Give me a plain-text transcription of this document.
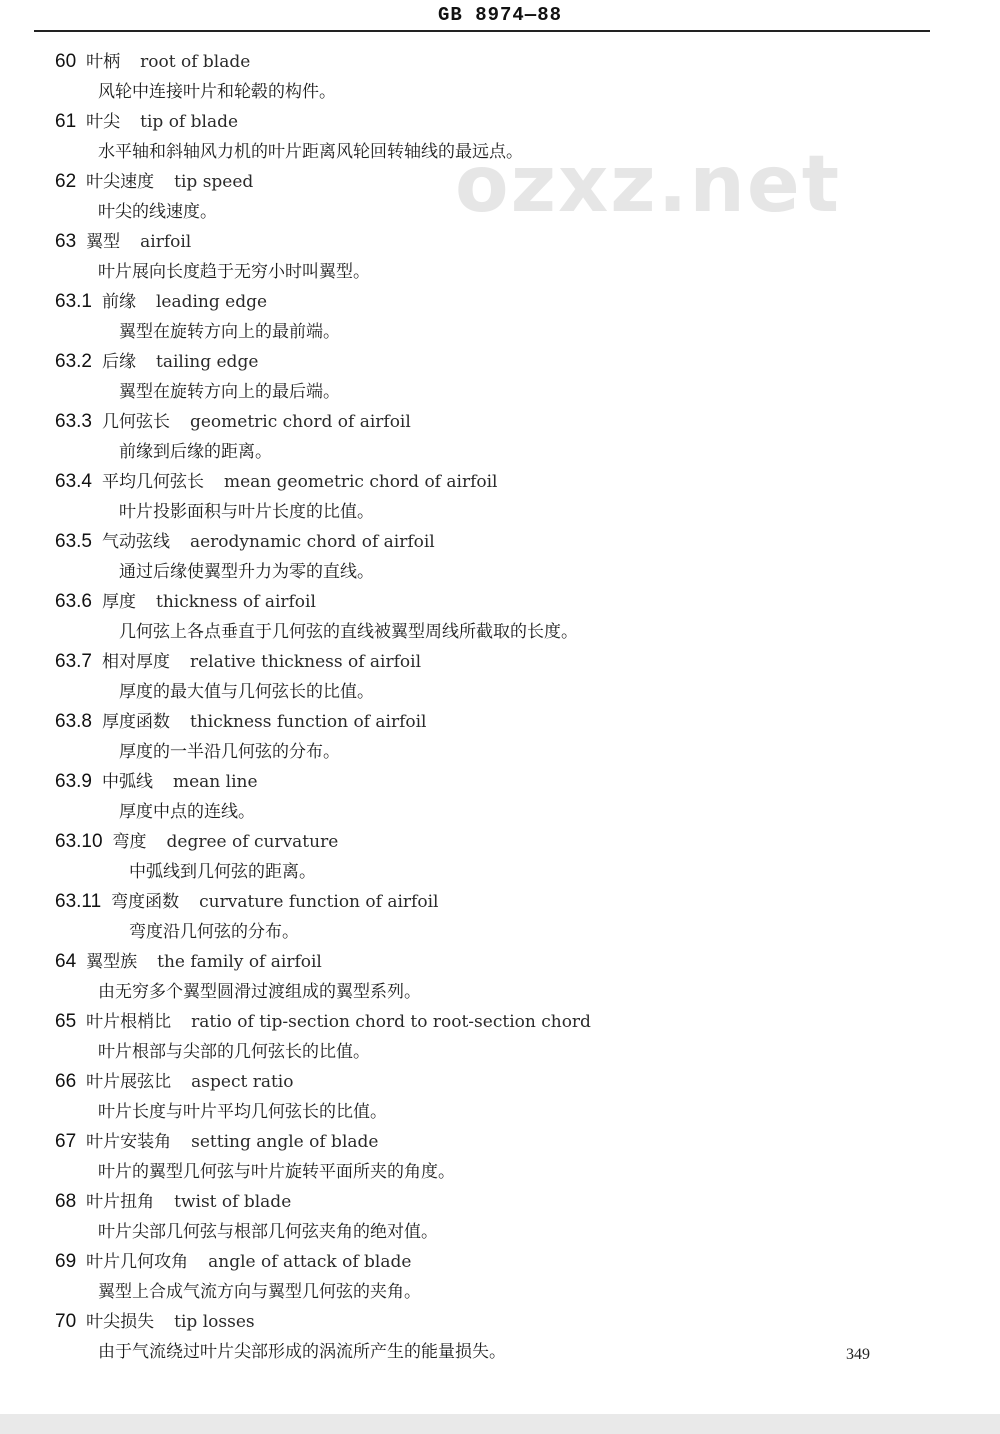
GB 8974—88
ozxz.net
60 叶柄 root of blade
风轮中连接叶片和轮毂的构件。
61 叶尖 tip of blade
水平轴和斜轴风力机的叶片距离风轮回转轴线的最远点。
62 叶尖速度 tip speed
叶尖的线速度。
63 翼型 airfoil
叶片展向长度趋于无穷小时叫翼型。
63.1 前缘 leading edge
翼型在旋转方向上的最前端。
63.2 后缘 tailing edge
翼型在旋转方向上的最后端。
63.3 几何弦长 geometric chord of airfoil
前缘到后缘的距离。
63.4 平均几何弦长 mean geometric chord of airfoil
叶片投影面积与叶片长度的比值。
63.5 气动弦线 aerodynamic chord of airfoil
通过后缘使翼型升力为零的直线。
63.6 厚度 thickness of airfoil
几何弦上各点垂直于几何弦的直线被翼型周线所截取的长度。
63.7 相对厚度 relative thickness of airfoil
厚度的最大值与几何弦长的比值。
63.8 厚度函数 thickness function of airfoil
厚度的一半沿几何弦的分布。
63.9 中弧线 mean line
厚度中点的连线。
63.10 弯度 degree of curvature
中弧线到几何弦的距离。
63.11 弯度函数 curvature function of airfoil
弯度沿几何弦的分布。
64 翼型族 the family of airfoil
由无穷多个翼型圆滑过渡组成的翼型系列。
65 叶片根梢比 ratio of tip-section chord to root-section chord
叶片根部与尖部的几何弦长的比值。
66 叶片展弦比 aspect ratio
叶片长度与叶片平均几何弦长的比值。
67 叶片安装角 setting angle of blade
叶片的翼型几何弦与叶片旋转平面所夹的角度。
68 叶片扭角 twist of blade
叶片尖部几何弦与根部几何弦夹角的绝对值。
69 叶片几何攻角 angle of attack of blade
翼型上合成气流方向与翼型几何弦的夹角。
70 叶尖损失 tip losses
由于气流绕过叶片尖部形成的涡流所产生的能量损失。	349
